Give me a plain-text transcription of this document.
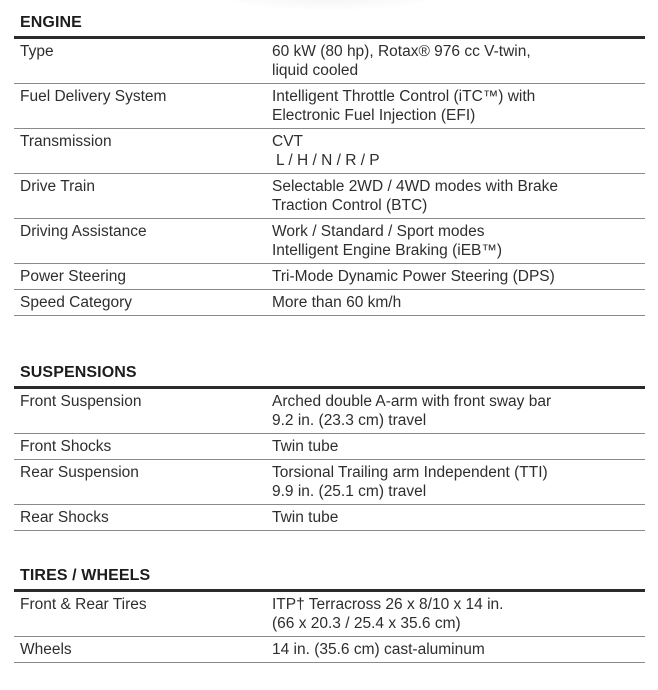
ENGINE
Type	60 kW (80 hp), Rotax® 976 cc V-twin,
liquid cooled
Fuel Delivery System	Intelligent Throttle Control (iTC™) with
Electronic Fuel Injection (EFI)
Transmission	CVT
L / H / N / R / P
Drive Train	Selectable 2WD / 4WD modes with Brake
Traction Control (BTC)
Driving Assistance	Work / Standard / Sport modes
Intelligent Engine Braking (iEB™)
Power Steering	Tri-Mode Dynamic Power Steering (DPS)
Speed Category	More than 60 km/h
SUSPENSIONS
Front Suspension	Arched double A-arm with front sway bar
9.2 in. (23.3 cm) travel
Front Shocks	Twin tube
Rear Suspension	Torsional Trailing arm Independent (TTI)
9.9 in. (25.1 cm) travel
Rear Shocks	Twin tube
TIRES / WHEELS
Front & Rear Tires	ITP† Terracross 26 x 8/10 x 14 in.
(66 x 20.3 / 25.4 x 35.6 cm)
Wheels	14 in. (35.6 cm) cast-aluminum
